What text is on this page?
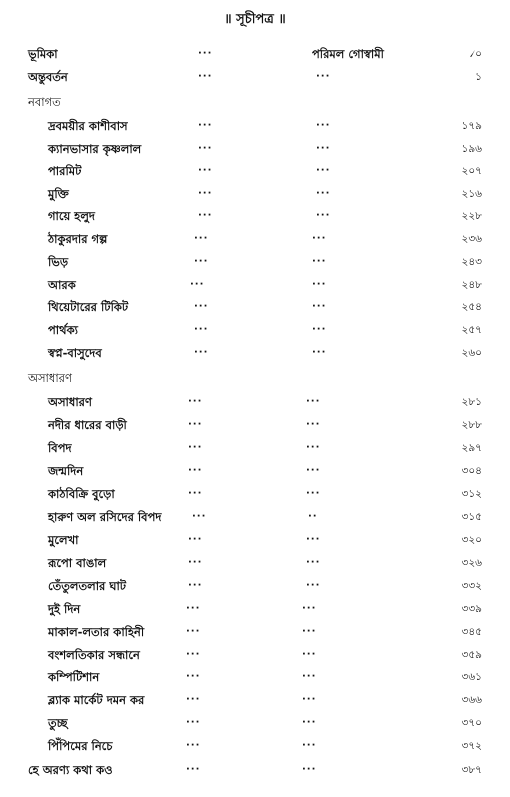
॥ সূচীপত্র ॥
ভূমিকা	···	পরিমল গোস্বামী	৴০
অন্তুবর্তন	···	···	১
নবাগত
দ্রবময়ীর কাশীবাস	···	···	১৭৯
ক্যানভাসার কৃষ্ণলাল	···	···	১৯৬
পারমিট	···	···	২০৭
মুক্তি	···	···	২১৬
গায়ে হলুদ	···	···	২২৮
ঠাকুরদার গল্প	···	···	২৩৬
ভিড়	···	···	২৪৩
আরক	···	···	২৪৮
থিয়েটারের টিকিট	···	···	২৫৪
পার্থক্য	···	···	২৫৭
স্বপ্ন-বাসুদেব	···	···	২৬০
অসাধারণ
অসাধারণ	···	···	২৮১
নদীর ধারের বাড়ী	···	···	২৮৮
বিপদ	···	···	২৯৭
জন্মদিন	···	···	৩০৪
কাঠবিক্রি বুড়ো	···	···	৩১২
হারুণ অল রসিদের বিপদ	···	··	৩১৫
মুলেখা	···	···	৩২০
রূপো বাঙাল	···	···	৩২৬
তেঁতুলতলার ঘাট	···	···	৩৩২
দুই দিন	···	···	৩৩৯
মাকাল-লতার কাহিনী	···	···	৩৪৫
বংশলতিকার সন্ধানে	···	···	৩৫৯
কম্পিটিশান	···	···	৩৬১
ব্ল্যাক মার্কেট দমন কর	···	···	৩৬৬
তুচ্ছ	···	···	৩৭০
পিঁপিমের নিচে	···	···	৩৭২
হে অরণ্য কথা কও	···	···	৩৮৭
